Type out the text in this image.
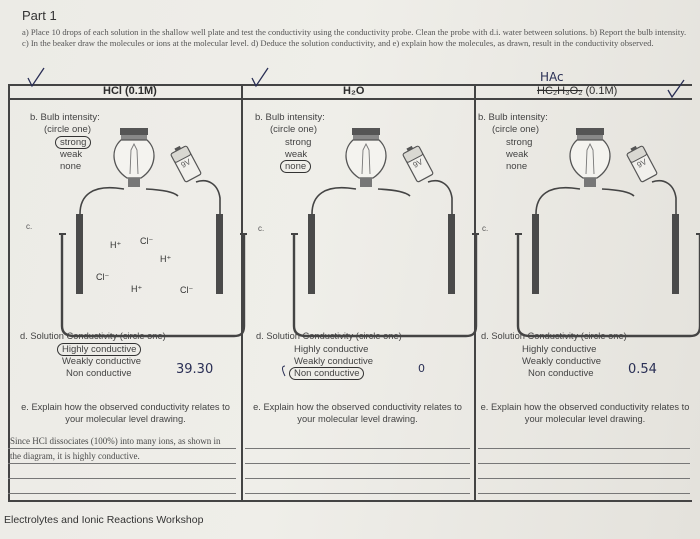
Part 1
a) Place 10 drops of each solution in the shallow well plate and test the conductivity using the conductivity probe. Clean the probe with d.i. water between solutions. b) Report the bulb intensity. c) In the beaker draw the molecules or ions at the molecular level. d) Deduce the solution conductivity, and e) explain how the molecules, as drawn, result in the conductivity observed.
HCl (0.1M)	H₂O	HC₂H₃O₂ (0.1M)
HAc
b. Bulb intensity:
(circle one)
strong
weak
none
b. Bulb intensity:
(circle one)
strong
weak
none
b. Bulb intensity:
(circle one)
strong
weak
none
9V	9V	9V
c.	c.	c.
H⁺ Cl⁻
H⁺
Cl⁻
H⁺	Cl⁻
d. Solution Conductivity (circle one)
Highly conductive
Weakly conductive
Non conductive	39.30
d. Solution Conductivity (circle one)
Highly conductive
Weakly conductive
Non conductive	0
d. Solution Conductivity (circle one)
Highly conductive
Weakly conductive
Non conductive	0.54
e. Explain how the observed conductivity relates to your molecular level drawing.
e. Explain how the observed conductivity relates to your molecular level drawing.
e. Explain how the observed conductivity relates to your molecular level drawing.
Since HCl dissociates (100%) into many ions, as shown in the diagram, it is highly conductive.
Electrolytes and Ionic Reactions Workshop
